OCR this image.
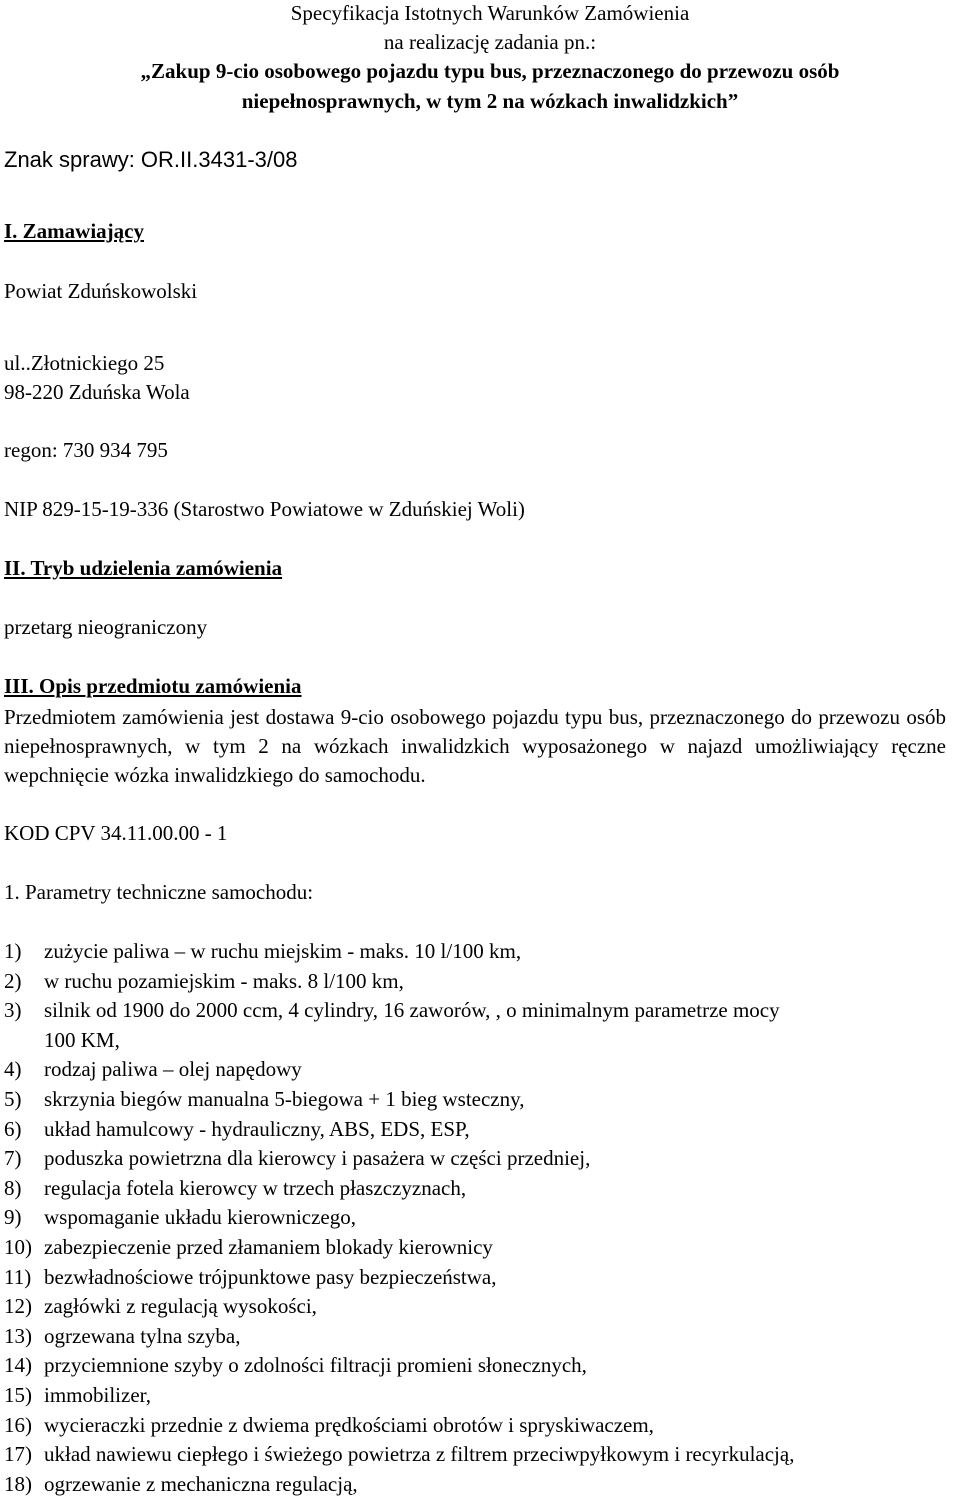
Specyfikacja Istotnych Warunków Zamówienia
na realizację zadania pn.:
„Zakup 9-cio osobowego pojazdu typu bus, przeznaczonego do przewozu osób
niepełnosprawnych, w tym 2 na wózkach inwalidzkich”
Znak sprawy: OR.II.3431-3/08
I. Zamawiający
Powiat Zduńskowolski
ul..Złotnickiego 25
98-220 Zduńska Wola
regon: 730 934 795
NIP 829-15-19-336 (Starostwo Powiatowe w Zduńskiej Woli)
II. Tryb udzielenia zamówienia
przetarg nieograniczony
III. Opis przedmiotu zamówienia
Przedmiotem zamówienia jest dostawa 9-cio osobowego pojazdu typu bus, przeznaczonego do przewozu osób niepełnosprawnych, w tym 2 na wózkach inwalidzkich wyposażonego w najazd umożliwiający ręczne wepchnięcie wózka inwalidzkiego do samochodu.
KOD CPV 34.11.00.00 - 1
1. Parametry techniczne samochodu:
1) zużycie paliwa – w ruchu miejskim - maks. 10 l/100 km,
2) w ruchu pozamiejskim - maks. 8 l/100 km,
3) silnik od 1900 do 2000 ccm, 4 cylindry, 16 zaworów, , o minimalnym parametrze mocy
100 KM,
4) rodzaj paliwa – olej napędowy
5) skrzynia biegów manualna 5-biegowa + 1 bieg wsteczny,
6) układ hamulcowy - hydrauliczny, ABS, EDS, ESP,
7) poduszka powietrzna dla kierowcy i pasażera w części przedniej,
8) regulacja fotela kierowcy w trzech płaszczyznach,
9) wspomaganie układu kierowniczego,
10) zabezpieczenie przed złamaniem blokady kierownicy
11) bezwładnościowe trójpunktowe pasy bezpieczeństwa,
12) zagłówki z regulacją wysokości,
13) ogrzewana tylna szyba,
14) przyciemnione szyby o zdolności filtracji promieni słonecznych,
15) immobilizer,
16) wycieraczki przednie z dwiema prędkościami obrotów i spryskiwaczem,
17) układ nawiewu ciepłego i świeżego powietrza z filtrem przeciwpyłkowym i recyrkulacją,
18) ogrzewanie z mechaniczna regulacją,
